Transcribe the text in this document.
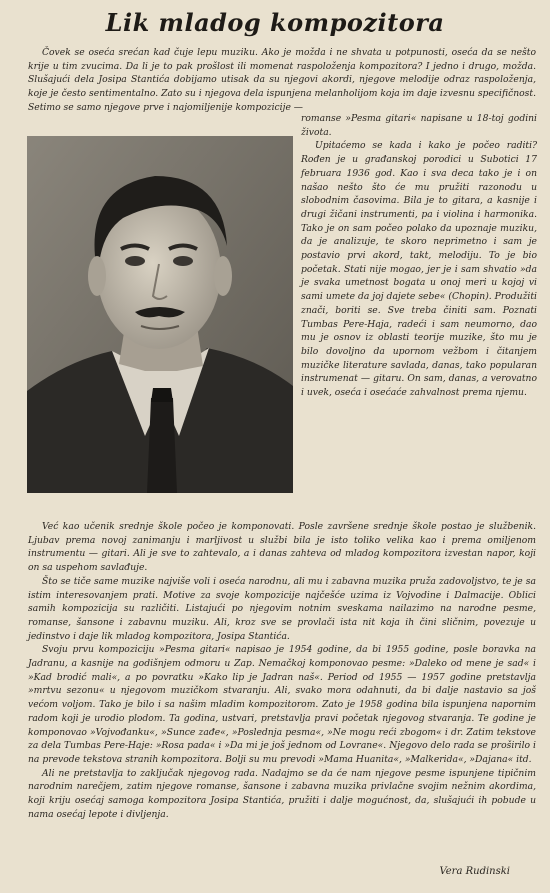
Lik mladog kompozitora

Čovek se oseća srećan kad čuje lepu muziku. Ako je možda i ne shvata u potpunosti, oseća da se nešto krije u tim zvucima. Da li je to pak prošlost ili momenat raspoloženja kompozitora? I jedno i drugo, možda. Slušajući dela Josipa Stantića dobijamo utisak da su njegovi akordi, njegove melodije odraz raspoloženja, koje je često sentimentalno. Zato su i njegova dela ispunjena melanholijom koja im daje izvesnu specifičnost. Setimo se samo njegove prve i najomiljenije kompozicije —

romanse »Pesma gitari« napisane u 18-toj godini života.

Upitaćemo se kada i kako je počeo raditi? Rođen je u građanskoj porodici u Subotici 17 februara 1936 god. Kao i sva deca tako je i on našao nešto što će mu pružiti razonodu u slobodnim časovima. Bila je to gitara, a kasnije i drugi žičani instrumenti, pa i violina i harmonika. Tako je on sam počeo polako da upoznaje muziku, da je analizuje, te skoro neprimetno i sam je postavio prvi akord, takt, melodiju. To je bio početak. Stati nije mogao, jer je i sam shvatio »da je svaka umetnost bogata u onoj meri u kojoj vi sami umete da joj dajete sebe« (Chopin). Produžiti znači, boriti se. Sve treba činiti sam. Poznati Tumbas Pere-Haja, radeći i sam neumorno, dao mu je osnov iz oblasti teorije muzike, što mu je bilo dovoljno da upornom vežbom i čitanjem muzičke literature savlada, danas, tako popularan instrumenat — gitaru. On sam, danas, a verovatno i uvek, oseća i osećaće zahvalnost prema njemu.

Već kao učenik srednje škole počeo je komponovati. Posle završene srednje škole postao je službenik. Ljubav prema novoj zanimanju i marljivost u službi bila je isto toliko velika kao i prema omiljenom instrumentu — gitari. Ali je sve to zahtevalo, a i danas zahteva od mladog kompozitora izvestan napor, koji on sa uspehom savlađuje.

Što se tiče same muzike najviše voli i oseća narodnu, ali mu i zabavna muzika pruža zadovoljstvo, te je sa istim interesovanjem prati. Motive za svoje kompozicije najčešće uzima iz Vojvodine i Dalmacije. Oblici samih kompozicija su različiti. Listajući po njegovim notnim sveskama nailazimo na narodne pesme, romanse, šansone i zabavnu muziku. Ali, kroz sve se provlači ista nit koja ih čini sličnim, povezuje u jedinstvo i daje lik mladog kompozitora, Josipa Stantića.

Svoju prvu kompoziciju »Pesma gitari« napisao je 1954 godine, da bi 1955 godine, posle boravka na Jadranu, a kasnije na godišnjem odmoru u Zap. Nemačkoj komponovao pesme: »Daleko od mene je sad« i »Kad brodić mali«, a po povratku »Kako lip je Jadran naš«. Period od 1955 — 1957 godine pretstavlja »mrtvu sezonu« u njegovom muzičkom stvaranju. Ali, svako mora odahnuti, da bi dalje nastavio sa još većom voljom. Tako je bilo i sa našim mladim kompozitorom. Zato je 1958 godina bila ispunjena napornim radom koji je urodio plodom. Ta godina, ustvari, pretstavlja pravi početak njegovog stvaranja. Te godine je komponovao »Vojvođanku«, »Sunce zađe«, »Poslednja pesma«, »Ne mogu reći zbogom« i dr. Zatim tekstove za dela Tumbas Pere-Haje: »Rosa pada« i »Da mi je još jednom od Lovrane«. Njegovo delo rada se proširilo i na prevode tekstova stranih kompozitora. Bolji su mu prevodi »Mama Huanita«, »Malkerida«, »Dajana« itd.

Ali ne pretstavlja to zaključak njegovog rada. Nadajmo se da će nam njegove pesme ispunjene tipičnim narodnim narečjem, zatim njegove romanse, šansone i zabavna muzika privlačne svojim nežnim akordima, koji kriju osećaj samoga kompozitora Josipa Stantića, pružiti i dalje mogućnost, da, slušajući ih pobude u nama osećaj lepote i divljenja.

Vera Rudinski
